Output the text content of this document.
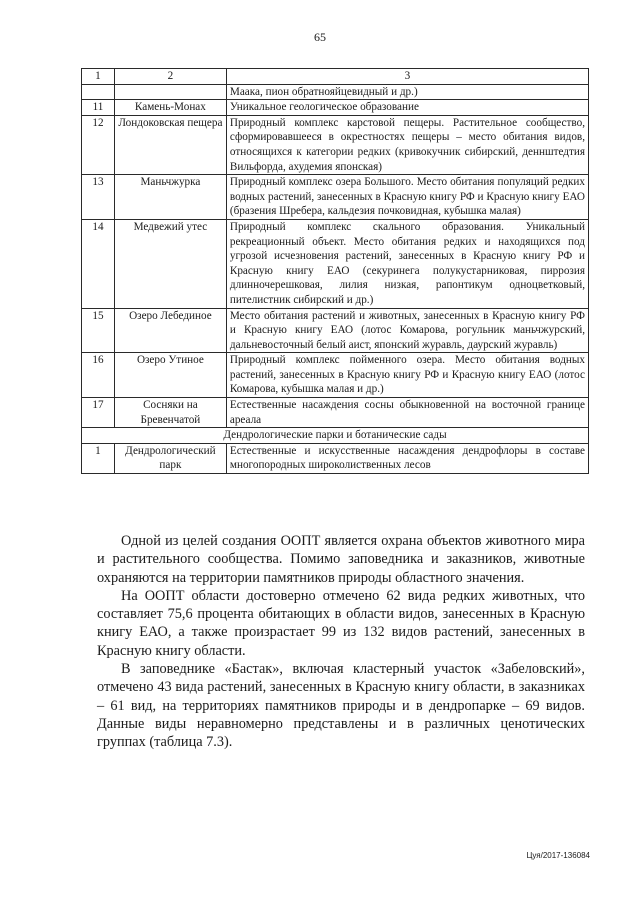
65
1	2	3
		Маака, пион обратнояйцевидный и др.)
11	Камень-Монах	Уникальное геологическое образование
12	Лондоковская пещера	Природный комплекс карстовой пещеры. Растительное сообщество, сформировавшееся в окрестностях пещеры – место обитания видов, относящихся к категории редких (кривокучник сибирский, деннштедтия Вильфорда, ахудемия японская)
13	Маньчжурка	Природный комплекс озера Большого. Место обитания популяций редких водных растений, занесенных в Красную книгу РФ и Красную книгу ЕАО (бразения Шребера, кальдезия почковидная, кубышка малая)
14	Медвежий утес	Природный комплекс скального образования. Уникальный рекреационный объект. Место обитания редких и находящихся под угрозой исчезновения растений, занесенных в Красную книгу РФ и Красную книгу ЕАО (секуринега полукустарниковая, пиррозия длинночерешковая, лилия низкая, рапонтикум одноцветковый, пителистник сибирский и др.)
15	Озеро Лебединое	Место обитания растений и животных, занесенных в Красную книгу РФ и Красную книгу ЕАО (лотос Комарова, рогульник маньчжурский, дальневосточный белый аист, японский журавль, даурский журавль)
16	Озеро Утиное	Природный комплекс пойменного озера. Место обитания водных растений, занесенных в Красную книгу РФ и Красную книгу ЕАО (лотос Комарова, кубышка малая и др.)
17	Сосняки на Бревенчатой	Естественные насаждения сосны обыкновенной на восточной границе ареала
Дендрологические парки и ботанические сады		
1	Дендрологический парк	Естественные и искусственные насаждения дендрофлоры в составе многопородных широколиственных лесов

Одной из целей создания ООПТ является охрана объектов животного мира и растительного сообщества. Помимо заповедника и заказников, животные охраняются на территории памятников природы областного значения.

На ООПТ области достоверно отмечено 62 вида редких животных, что составляет 75,6 процента обитающих в области видов, занесенных в Красную книгу ЕАО, а также произрастает 99 из 132 видов растений, занесенных в Красную книгу области.

В заповеднике «Бастак», включая кластерный участок «Забеловский», отмечено 43 вида растений, занесенных в Красную книгу области, в заказниках – 61 вид, на территориях памятников природы и в дендропарке – 69 видов. Данные виды неравномерно представлены и в различных ценотических группах (таблица 7.3).

Цуя/2017-136084
